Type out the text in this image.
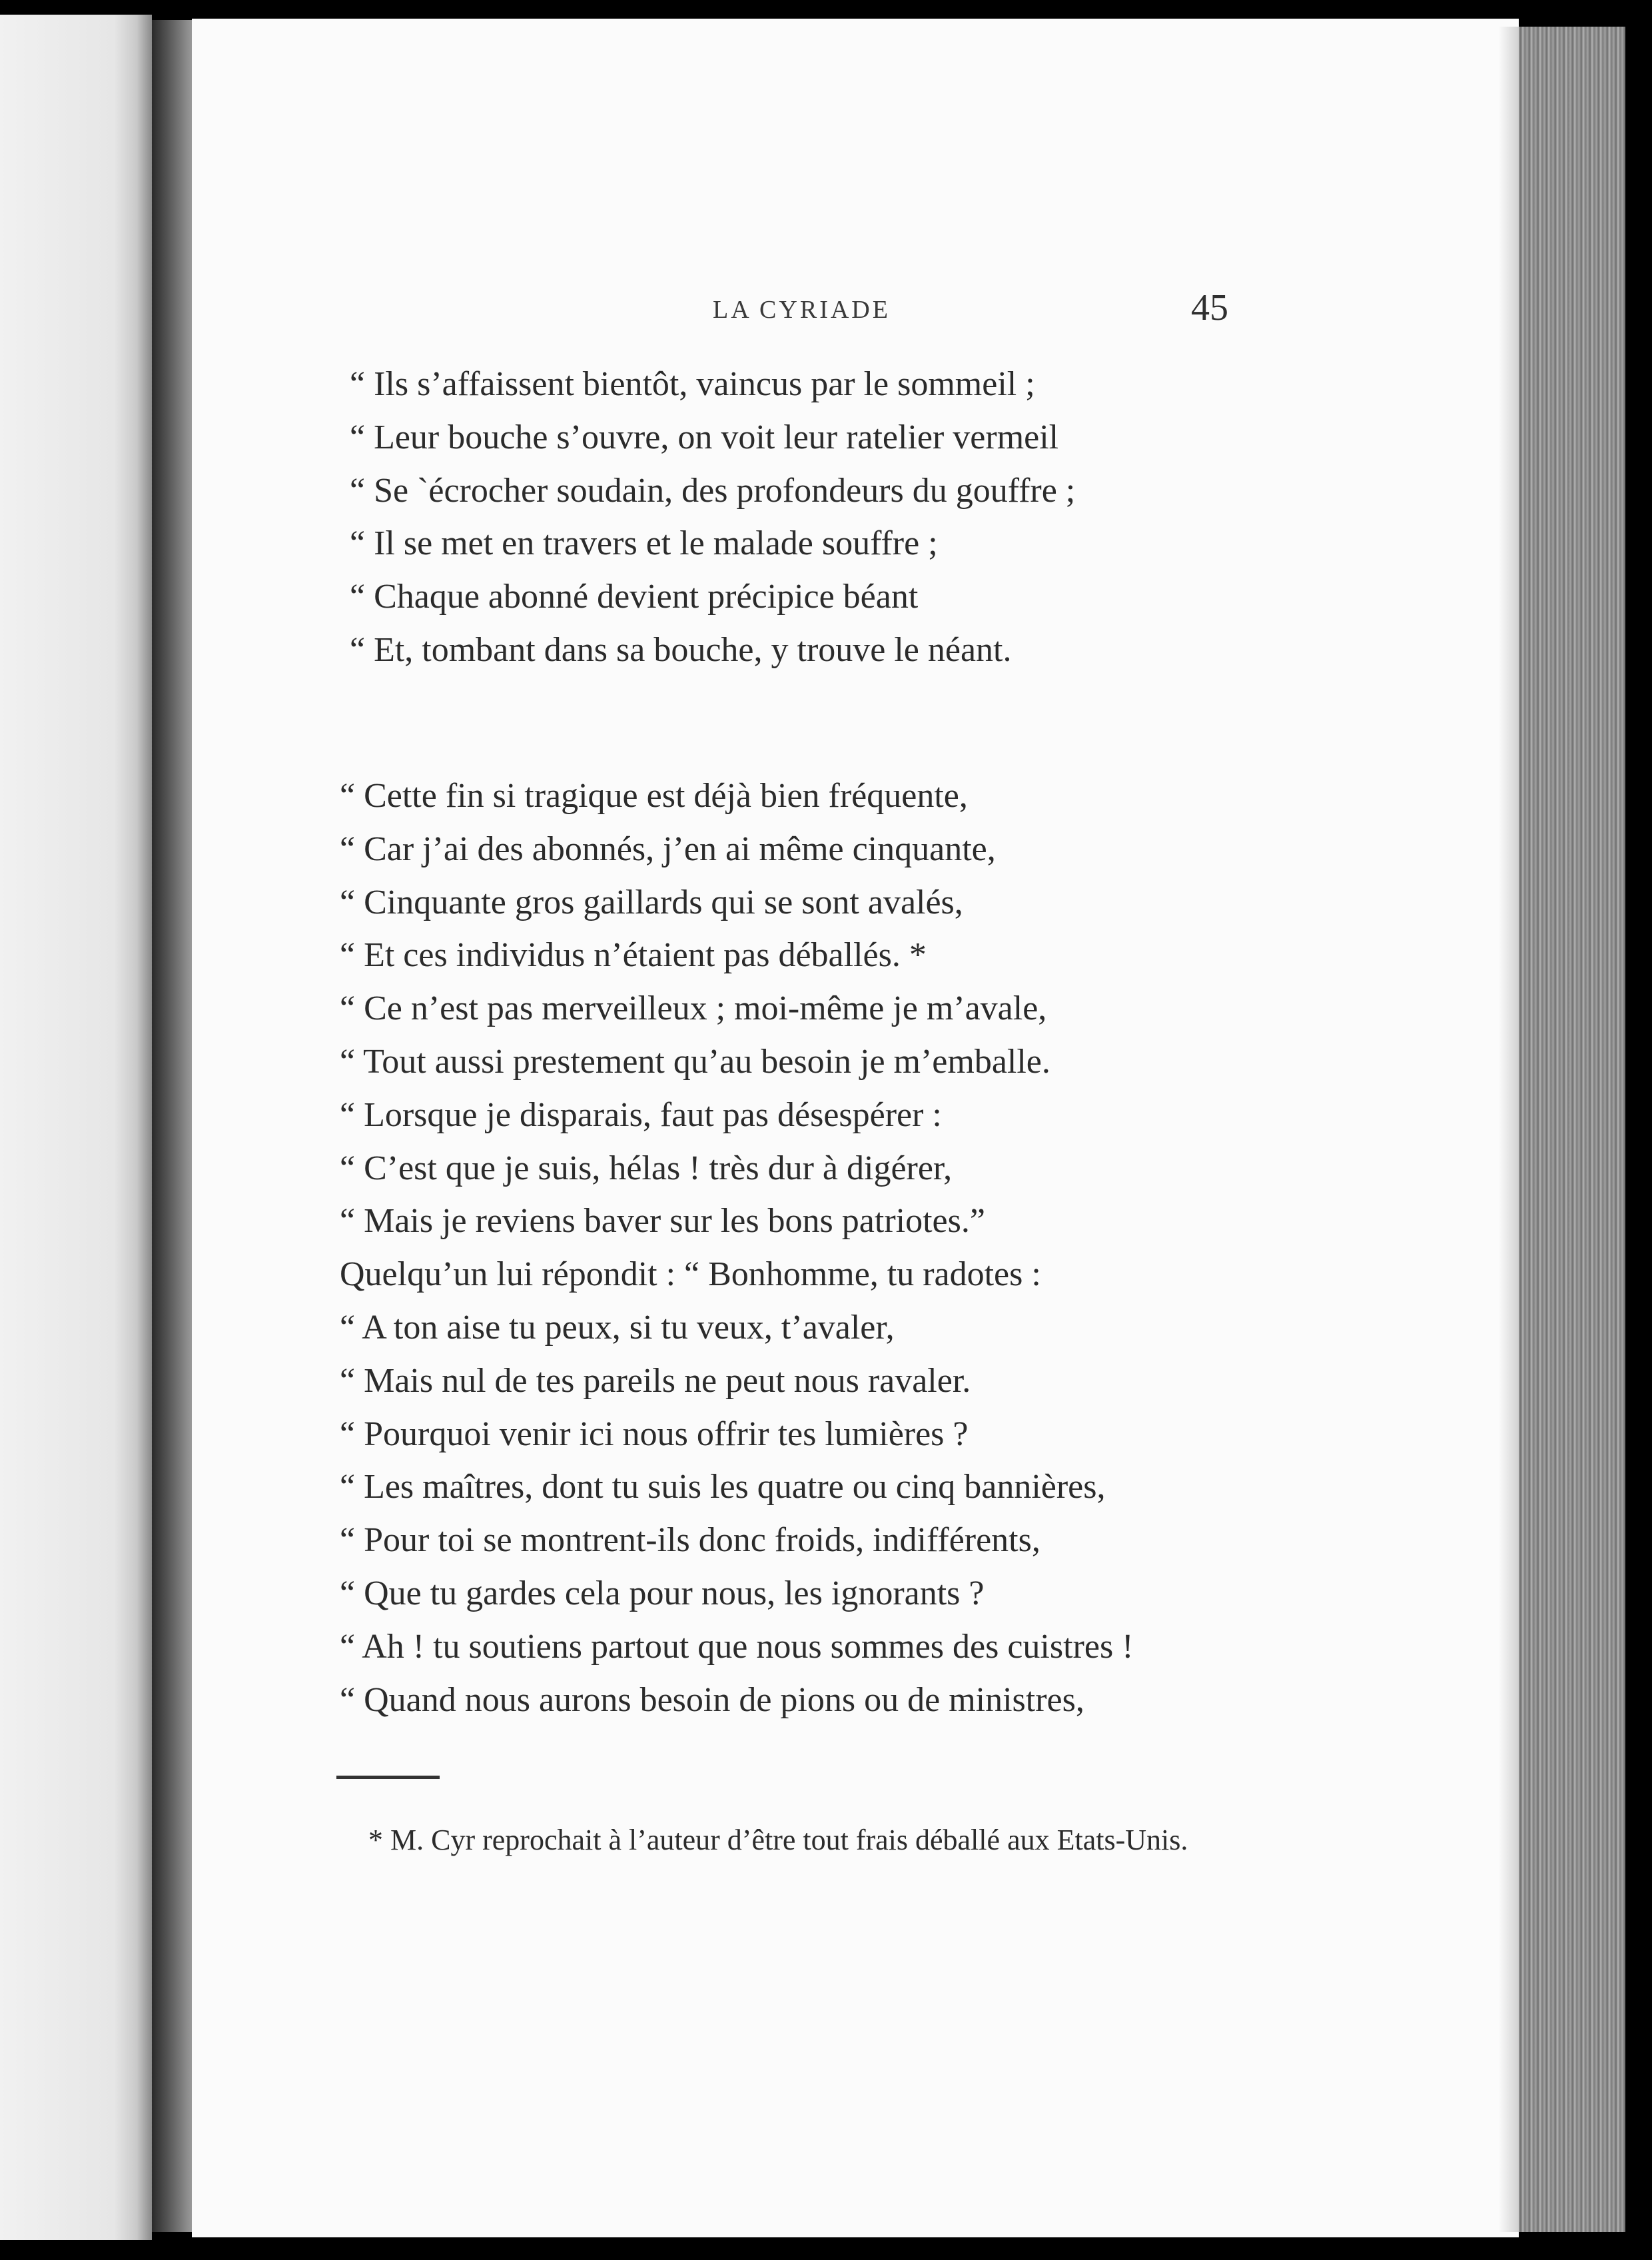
LA CYRIADE	45
“ Ils s’affaissent bientôt, vaincus par le sommeil ;
“ Leur bouche s’ouvre, on voit leur ratelier vermeil
“ Se `écrocher soudain, des profondeurs du gouffre ;
“ Il se met en travers et le malade souffre ;
“ Chaque abonné devient précipice béant
“ Et, tombant dans sa bouche, y trouve le néant.
“ Cette fin si tragique est déjà bien fréquente,
“ Car j’ai des abonnés, j’en ai même cinquante,
“ Cinquante gros gaillards qui se sont avalés,
“ Et ces individus n’étaient pas déballés. *
“ Ce n’est pas merveilleux ; moi-même je m’avale,
“ Tout aussi prestement qu’au besoin je m’emballe.
“ Lorsque je disparais, faut pas désespérer :
“ C’est que je suis, hélas ! très dur à digérer,
“ Mais je reviens baver sur les bons patriotes.”
Quelqu’un lui répondit : “ Bonhomme, tu radotes :
“ A ton aise tu peux, si tu veux, t’avaler,
“ Mais nul de tes pareils ne peut nous ravaler.
“ Pourquoi venir ici nous offrir tes lumières ?
“ Les maîtres, dont tu suis les quatre ou cinq bannières,
“ Pour toi se montrent-ils donc froids, indifférents,
“ Que tu gardes cela pour nous, les ignorants ?
“ Ah ! tu soutiens partout que nous sommes des cuistres !
“ Quand nous aurons besoin de pions ou de ministres,
* M. Cyr reprochait à l’auteur d’être tout frais déballé aux Etats-Unis.
